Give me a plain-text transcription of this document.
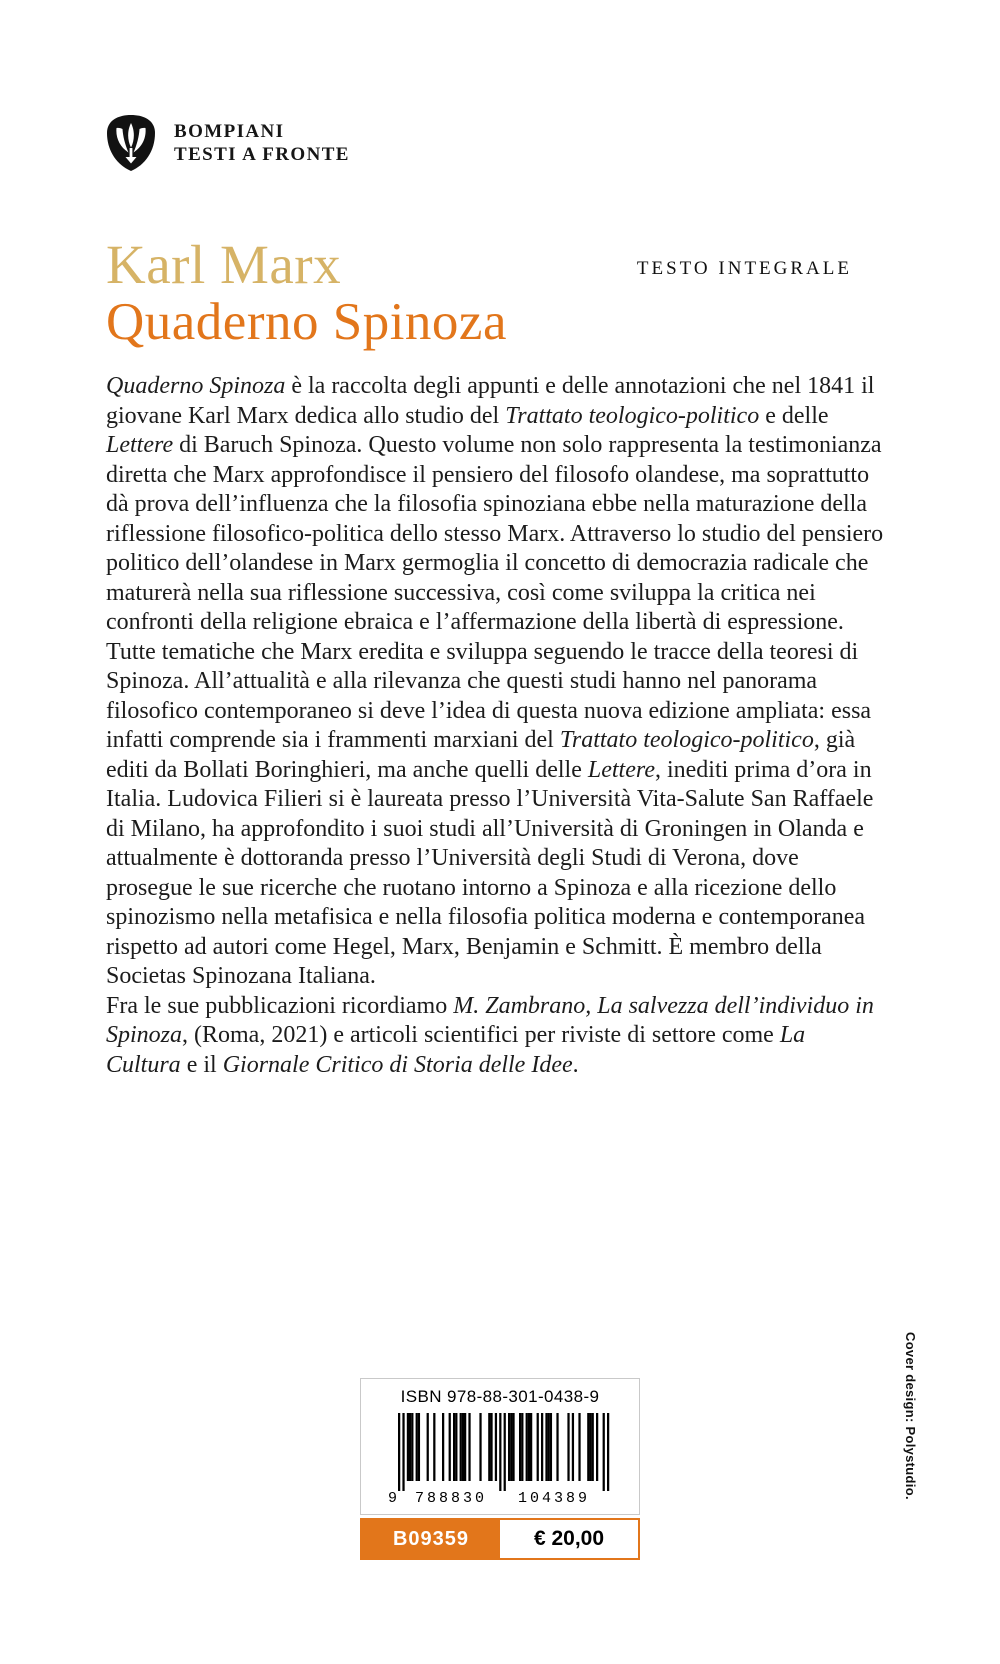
BOMPIANI
TESTI A FRONTE
Karl Marx	TESTO INTEGRALE
Quaderno Spinoza

Quaderno Spinoza è la raccolta degli appunti e delle annotazioni che nel 1841 il giovane Karl Marx dedica allo studio del Trattato teologico-politico e delle Lettere di Baruch Spinoza. Questo volume non solo rappresenta la testimonianza diretta che Marx approfondisce il pensiero del filosofo olandese, ma soprattutto dà prova dell’influenza che la filosofia spinoziana ebbe nella maturazione della riflessione filosofico-politica dello stesso Marx. Attraverso lo studio del pensiero politico dell’olandese in Marx germoglia il concetto di democrazia radicale che maturerà nella sua riflessione successiva, così come sviluppa la critica nei confronti della religione ebraica e l’affermazione della libertà di espressione. Tutte tematiche che Marx eredita e sviluppa seguendo le tracce della teoresi di Spinoza. All’attualità e alla rilevanza che questi studi hanno nel panorama filosofico contemporaneo si deve l’idea di questa nuova edizione ampliata: essa infatti comprende sia i frammenti marxiani del Trattato teologico-politico, già editi da Bollati Boringhieri, ma anche quelli delle Lettere, inediti prima d’ora in Italia. Ludovica Filieri si è laureata presso l’Università Vita-Salute San Raffaele di Milano, ha approfondito i suoi studi all’Università di Groningen in Olanda e attualmente è dottoranda presso l’Università degli Studi di Verona, dove prosegue le sue ricerche che ruotano intorno a Spinoza e alla ricezione dello spinozismo nella metafisica e nella filosofia politica moderna e contemporanea rispetto ad autori come Hegel, Marx, Benjamin e Schmitt. È membro della Societas Spinozana Italiana.

Fra le sue pubblicazioni ricordiamo M. Zambrano, La salvezza dell’individuo in Spinoza, (Roma, 2021) e articoli scientifici per riviste di settore come La Cultura e il Giornale Critico di Storia delle Idee.

Cover design: Polystudio.
ISBN 978-88-301-0438-9
9 788830 104389
B09359	€ 20,00
